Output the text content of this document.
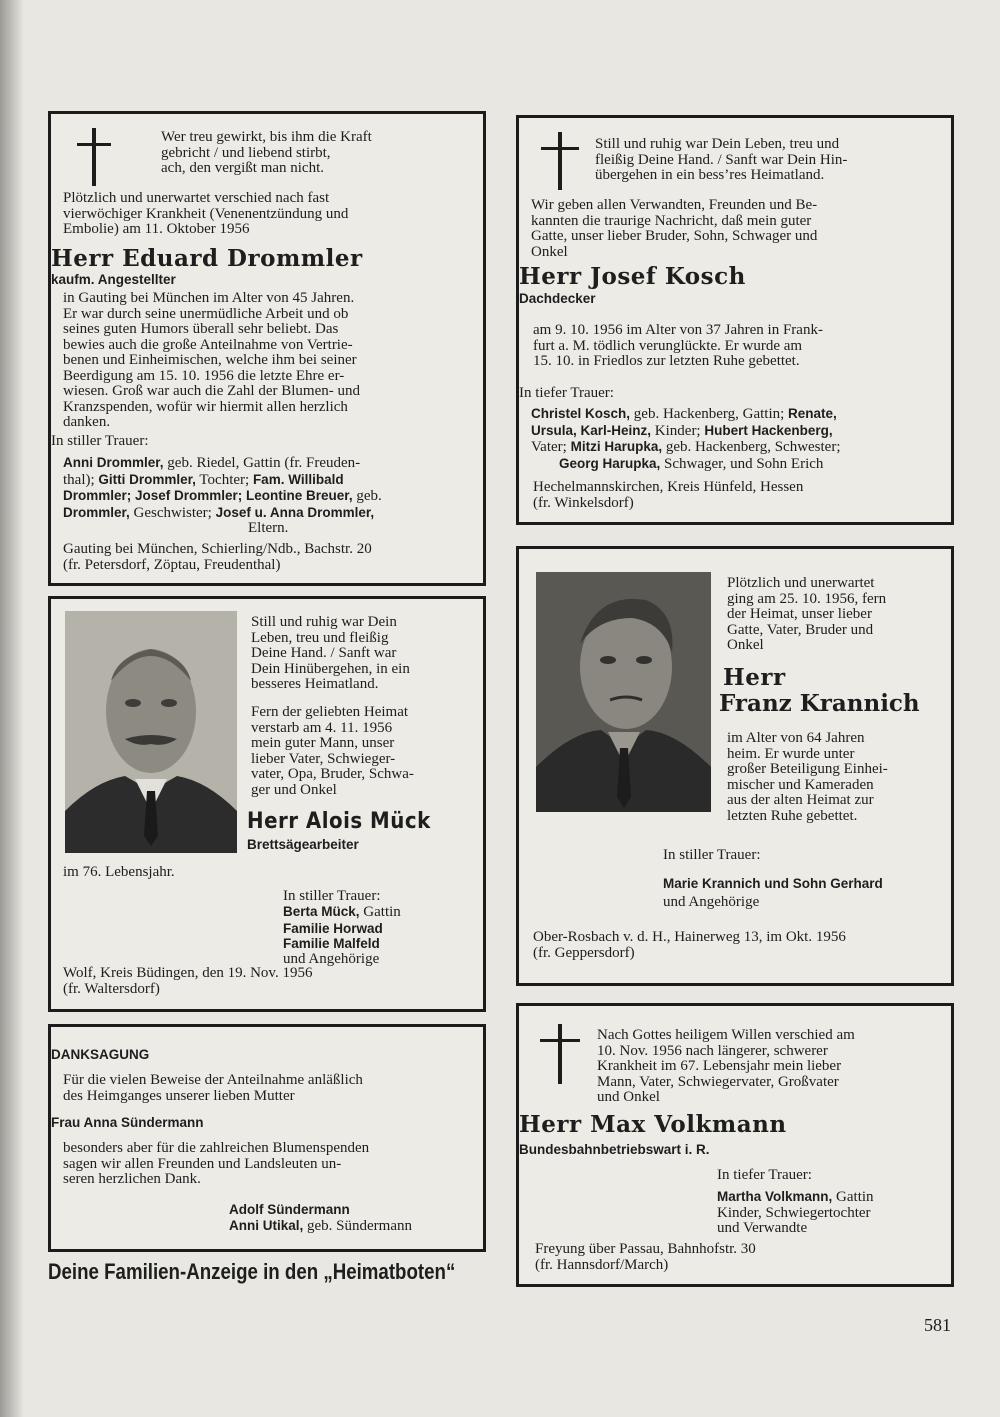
Wer treu gewirkt, bis ihm die Kraft
gebricht / und liebend stirbt,
ach, den vergißt man nicht.
Plötzlich und unerwartet verschied nach fast
vierwöchiger Krankheit (Venenentzündung und
Embolie) am 11. Oktober 1956
Herr Eduard Drommler
kaufm. Angestellter
in Gauting bei München im Alter von 45 Jahren.
Er war durch seine unermüdliche Arbeit und ob
seines guten Humors überall sehr beliebt. Das
bewies auch die große Anteilnahme von Vertrie-
benen und Einheimischen, welche ihm bei seiner
Beerdigung am 15. 10. 1956 die letzte Ehre er-
wiesen. Groß war auch die Zahl der Blumen- und
Kranzspenden, wofür wir hiermit allen herzlich
danken.
In stiller Trauer:
Anni Drommler, geb. Riedel, Gattin (fr. Freuden-
thal); Gitti Drommler, Tochter; Fam. Willibald
Drommler; Josef Drommler; Leontine Breuer, geb.
Drommler, Geschwister; Josef u. Anna Drommler,
Eltern.
Gauting bei München, Schierling/Ndb., Bachstr. 20
(fr. Petersdorf, Zöptau, Freudenthal)
Still und ruhig war Dein Leben, treu und
fleißig Deine Hand. / Sanft war Dein Hin-
übergehen in ein bess’res Heimatland.
Wir geben allen Verwandten, Freunden und Be-
kannten die traurige Nachricht, daß mein guter
Gatte, unser lieber Bruder, Sohn, Schwager und
Onkel
Herr Josef Kosch
Dachdecker
am 9. 10. 1956 im Alter von 37 Jahren in Frank-
furt a. M. tödlich verunglückte. Er wurde am
15. 10. in Friedlos zur letzten Ruhe gebettet.
In tiefer Trauer:
Christel Kosch, geb. Hackenberg, Gattin; Renate,
Ursula, Karl-Heinz, Kinder; Hubert Hackenberg,
Vater; Mitzi Harupka, geb. Hackenberg, Schwester;
Georg Harupka, Schwager, und Sohn Erich
Hechelmannskirchen, Kreis Hünfeld, Hessen
(fr. Winkelsdorf)
Still und ruhig war Dein
Leben, treu und fleißig
Deine Hand. / Sanft war
Dein Hinübergehen, in ein
besseres Heimatland.
Fern der geliebten Heimat
verstarb am 4. 11. 1956
mein guter Mann, unser
lieber Vater, Schwieger-
vater, Opa, Bruder, Schwa-
ger und Onkel
Herr Alois Mück
Brettsägearbeiter
im 76. Lebensjahr.
In stiller Trauer:
Berta Mück, Gattin
Familie Horwad
Familie Malfeld
und Angehörige
Wolf, Kreis Büdingen, den 19. Nov. 1956
(fr. Waltersdorf)
Plötzlich und unerwartet
ging am 25. 10. 1956, fern
der Heimat, unser lieber
Gatte, Vater, Bruder und
Onkel
Herr
Franz Krannich
im Alter von 64 Jahren
heim. Er wurde unter
großer Beteiligung Einhei-
mischer und Kameraden
aus der alten Heimat zur
letzten Ruhe gebettet.
In stiller Trauer:
Marie Krannich und Sohn Gerhard
und Angehörige
Ober-Rosbach v. d. H., Hainerweg 13, im Okt. 1956
(fr. Geppersdorf)
DANKSAGUNG
Für die vielen Beweise der Anteilnahme anläßlich
des Heimganges unserer lieben Mutter
Frau Anna Sündermann
besonders aber für die zahlreichen Blumenspenden
sagen wir allen Freunden und Landsleuten un-
seren herzlichen Dank.
Adolf Sündermann
Anni Utikal, geb. Sündermann
Nach Gottes heiligem Willen verschied am
10. Nov. 1956 nach längerer, schwerer
Krankheit im 67. Lebensjahr mein lieber
Mann, Vater, Schwiegervater, Großvater
und Onkel
Herr Max Volkmann
Bundesbahnbetriebswart i. R.
In tiefer Trauer:
Martha Volkmann, Gattin
Kinder, Schwiegertochter
und Verwandte
Freyung über Passau, Bahnhofstr. 30
(fr. Hannsdorf/March)
Deine Familien-Anzeige in den „Heimatboten“
581
